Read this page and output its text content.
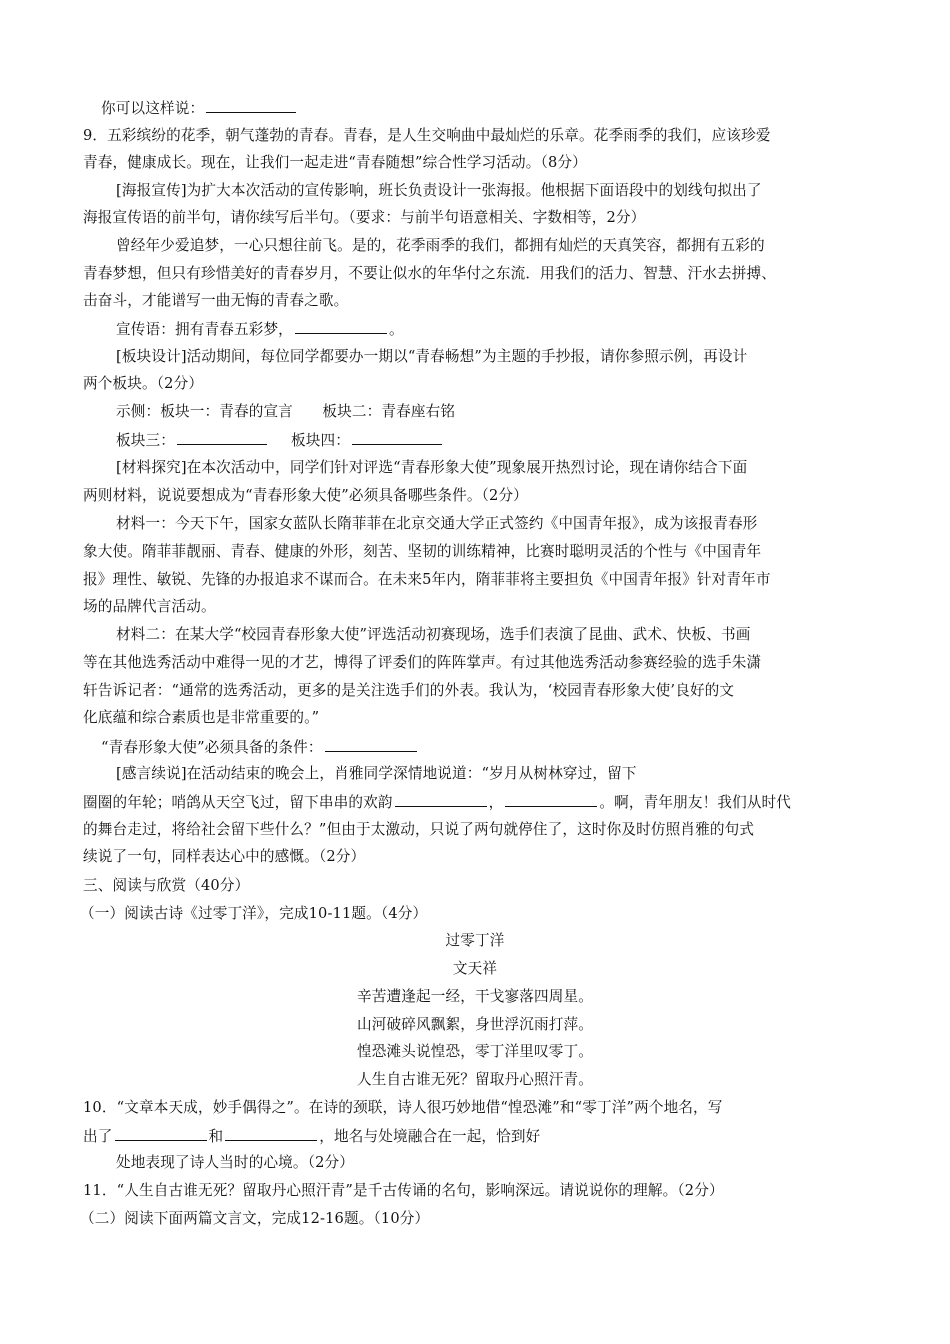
你可以这样说：
9．五彩缤纷的花季，朝气蓬勃的青春。青春，是人生交响曲中最灿烂的乐章。花季雨季的我们，应该珍爱
青春，健康成长。现在，让我们一起走进“青春随想”综合性学习活动。（8分）
[海报宣传]为扩大本次活动的宣传影响，班长负责设计一张海报。他根据下面语段中的划线句拟出了
海报宣传语的前半句，请你续写后半句。（要求：与前半句语意相关、字数相等，2分）
曾经年少爱追梦，一心只想往前飞。是的，花季雨季的我们，都拥有灿烂的天真笑容，都拥有五彩的
青春梦想，但只有珍惜美好的青春岁月，不要让似水的年华付之东流．用我们的活力、智慧、汗水去拼搏、
击奋斗，才能谱写一曲无悔的青春之歌。
宣传语：拥有青春五彩梦，	。
[板块设计]活动期间，每位同学都要办一期以“青春畅想”为主题的手抄报，请你参照示例，再设计
两个板块。（2分）
示侧：板块一：青春的宣言　　板块二：青春座右铭
板块三：	板块四：
[材料探究]在本次活动中，同学们针对评选“青春形象大使”现象展开热烈讨论，现在请你结合下面
两则材料，说说要想成为“青春形象大使”必须具备哪些条件。（2分）
材料一：今天下午，国家女蓝队长隋菲菲在北京交通大学正式签约《中国青年报》，成为该报青春形
象大使。隋菲菲靓丽、青春、健康的外形，刻苦、坚韧的训练精神，比赛时聪明灵活的个性与《中国青年
报》理性、敏锐、先锋的办报追求不谋而合。在未来5年内，隋菲菲将主要担负《中国青年报》针对青年市
场的品牌代言活动。
材料二：在某大学“校园青春形象大使”评选活动初赛现场，选手们表演了昆曲、武术、快板、书画
等在其他选秀活动中难得一见的才艺，博得了评委们的阵阵掌声。有过其他选秀活动参赛经验的选手朱潇
轩告诉记者：“通常的选秀活动，更多的是关注选手们的外表。我认为，‘校园青春形象大使’良好的文
化底蕴和综合素质也是非常重要的。”
“青春形象大使”必须具备的条件：
[感言续说]在活动结束的晚会上，肖雅同学深情地说道：“岁月从树林穿过，留下
圈圈的年轮；哨鸽从天空飞过，留下串串的欢韵	，	。啊，青年朋友！我们从时代
的舞台走过，将给社会留下些什么？”但由于太激动，只说了两句就停住了，这时你及时仿照肖雅的句式
续说了一句，同样表达心中的感慨。（2分）
三、阅读与欣赏（40分）
（一）阅读古诗《过零丁洋》，完成10-11题。（4分）
过零丁洋
文天祥
辛苦遭逢起一经，干戈寥落四周星。
山河破碎风飘絮，身世浮沉雨打萍。
惶恐滩头说惶恐，零丁洋里叹零丁。
人生自古谁无死？留取丹心照汗青。
10．“文章本天成，妙手偶得之”。在诗的颈联，诗人很巧妙地借“惶恐滩”和“零丁洋”两个地名，写
出了	和	，地名与处境融合在一起，恰到好
处地表现了诗人当时的心境。（2分）
11．“人生自古谁无死？留取丹心照汗青”是千古传诵的名句，影响深远。请说说你的理解。（2分）
（二）阅读下面两篇文言文，完成12-16题。（10分）
